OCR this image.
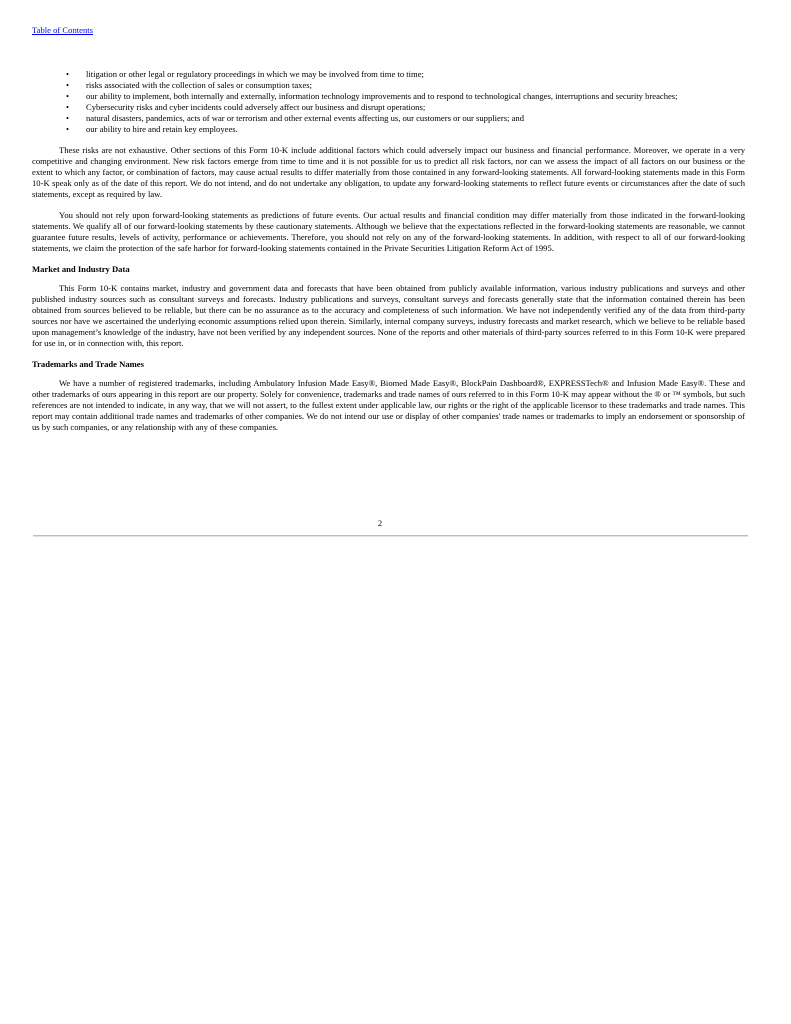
Table of Contents
• litigation or other legal or regulatory proceedings in which we may be involved from time to time;
• risks associated with the collection of sales or consumption taxes;
• our ability to implement, both internally and externally, information technology improvements and to respond to technological changes, interruptions and security breaches;
• Cybersecurity risks and cyber incidents could adversely affect our business and disrupt operations;
• natural disasters, pandemics, acts of war or terrorism and other external events affecting us, our customers or our suppliers; and
• our ability to hire and retain key employees.

These risks are not exhaustive. Other sections of this Form 10-K include additional factors which could adversely impact our business and financial performance. Moreover, we operate in a very competitive and changing environment. New risk factors emerge from time to time and it is not possible for us to predict all risk factors, nor can we assess the impact of all factors on our business or the extent to which any factor, or combination of factors, may cause actual results to differ materially from those contained in any forward-looking statements. All forward-looking statements made in this Form 10-K speak only as of the date of this report. We do not intend, and do not undertake any obligation, to update any forward-looking statements to reflect future events or circumstances after the date of such statements, except as required by law.

You should not rely upon forward-looking statements as predictions of future events. Our actual results and financial condition may differ materially from those indicated in the forward-looking statements. We qualify all of our forward-looking statements by these cautionary statements. Although we believe that the expectations reflected in the forward-looking statements are reasonable, we cannot guarantee future results, levels of activity, performance or achievements. Therefore, you should not rely on any of the forward-looking statements. In addition, with respect to all of our forward-looking statements, we claim the protection of the safe harbor for forward-looking statements contained in the Private Securities Litigation Reform Act of 1995.

Market and Industry Data

This Form 10-K contains market, industry and government data and forecasts that have been obtained from publicly available information, various industry publications and surveys and other published industry sources such as consultant surveys and forecasts. Industry publications and surveys, consultant surveys and forecasts generally state that the information contained therein has been obtained from sources believed to be reliable, but there can be no assurance as to the accuracy and completeness of such information. We have not independently verified any of the data from third-party sources nor have we ascertained the underlying economic assumptions relied upon therein. Similarly, internal company surveys, industry forecasts and market research, which we believe to be reliable based upon management’s knowledge of the industry, have not been verified by any independent sources. None of the reports and other materials of third-party sources referred to in this Form 10-K were prepared for use in, or in connection with, this report.

Trademarks and Trade Names

We have a number of registered trademarks, including Ambulatory Infusion Made Easy®, Biomed Made Easy®, BlockPain Dashboard®, EXPRESSTech® and Infusion Made Easy®. These and other trademarks of ours appearing in this report are our property. Solely for convenience, trademarks and trade names of ours referred to in this Form 10-K may appear without the ® or ™ symbols, but such references are not intended to indicate, in any way, that we will not assert, to the fullest extent under applicable law, our rights or the right of the applicable licensor to these trademarks and trade names. This report may contain additional trade names and trademarks of other companies. We do not intend our use or display of other companies' trade names or trademarks to imply an endorsement or sponsorship of us by such companies, or any relationship with any of these companies.

2
